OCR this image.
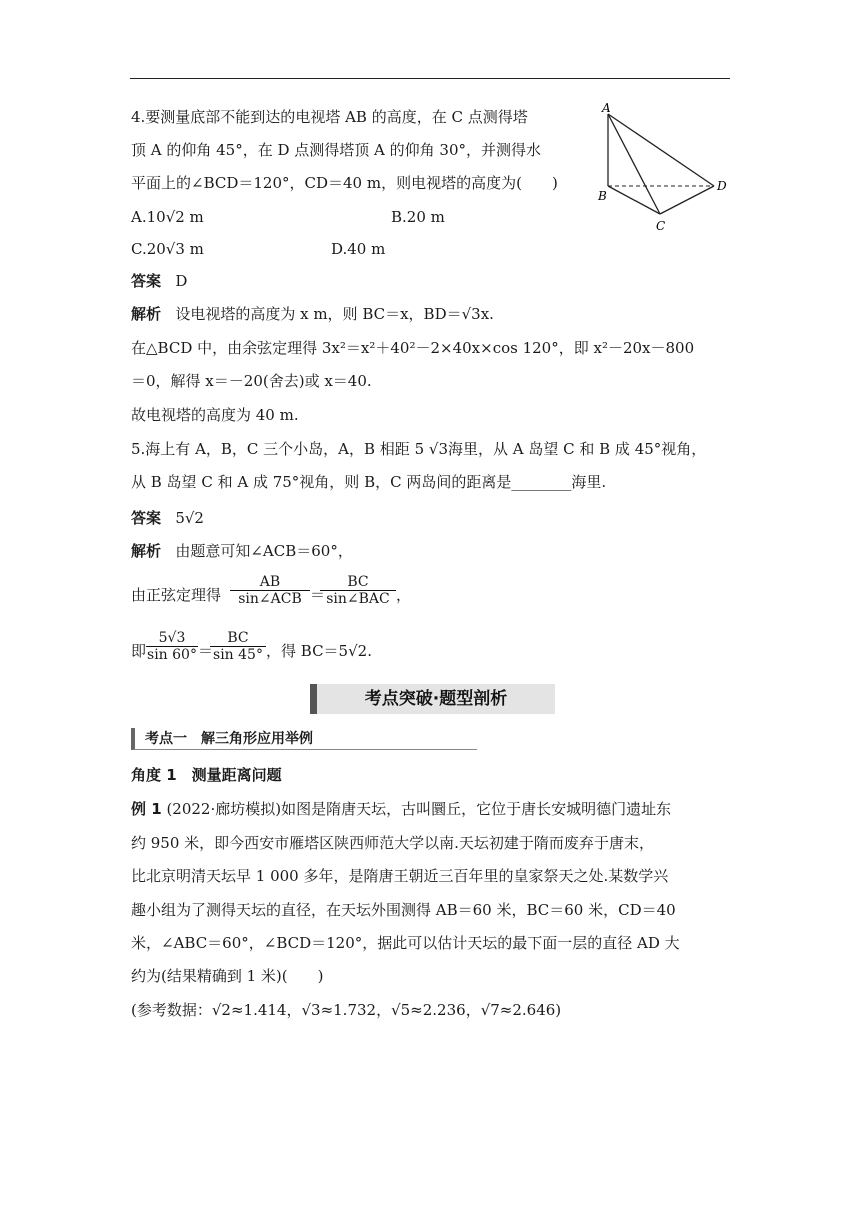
4.要测量底部不能到达的电视塔 AB 的高度，在 C 点测得塔
顶 A 的仰角 45°，在 D 点测得塔顶 A 的仰角 30°，并测得水
平面上的∠BCD＝120°，CD＝40 m，则电视塔的高度为(　　)
A.10√2 m	B.20 m
C.20√3 m	D.40 m
答案 D
解析 设电视塔的高度为 x m，则 BC＝x，BD＝√3x.
在△BCD 中，由余弦定理得 3x²＝x²＋40²－2×40x×cos 120°，即 x²－20x－800
＝0，解得 x＝－20(舍去)或 x＝40.
故电视塔的高度为 40 m.
A
B
C
D
5.海上有 A，B，C 三个小岛，A，B 相距 5 √3海里，从 A 岛望 C 和 B 成 45°视角，
从 B 岛望 C 和 A 成 75°视角，则 B，C 两岛间的距离是________海里.
答案 5√2
解析 由题意可知∠ACB＝60°，
由正弦定理得
AB
sin∠ACB ＝
BC
sin∠BAC ，
即 $\frac{5√3}{\sin 60^\circ}$ ＝
$\frac{BC}{\sin 45^\circ}$ ，得 BC＝5√2.
考点突破·题型剖析
考点一　解三角形应用举例
角度 1　测量距离问题
例 1 (2022·廊坊模拟)如图是隋唐天坛，古叫圜丘，它位于唐长安城明德门遗址东
约 950 米，即今西安市雁塔区陕西师范大学以南.天坛初建于隋而废弃于唐末，
比北京明清天坛早 1 000 多年，是隋唐王朝近三百年里的皇家祭天之处.某数学兴
趣小组为了测得天坛的直径，在天坛外围测得 AB＝60 米，BC＝60 米，CD＝40
米，∠ABC＝60°，∠BCD＝120°，据此可以估计天坛的最下面一层的直径 AD 大
约为(结果精确到 1 米)(　　)
(参考数据：√2≈1.414，√3≈1.732，√5≈2.236，√7≈2.646)
